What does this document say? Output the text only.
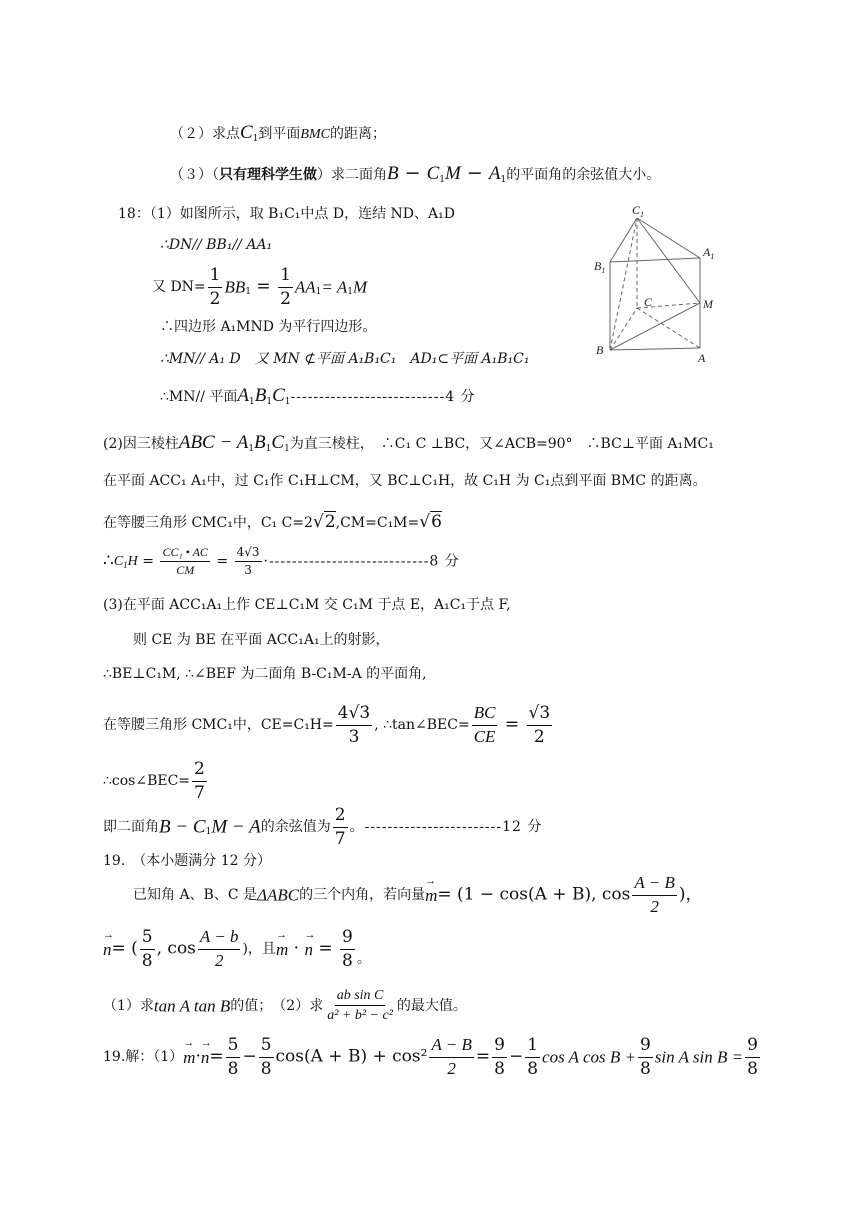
（２）求点$C_1$到平面BMC的距离；
（３）（只有理科学生做）求二面角$B - C_1M - A_1$的平面角的余弦值大小。
18：（1）如图所示，取 B₁C₁中点 D，连结 ND、A₁D
∴DN// BB₁// AA₁
又 $DN= \frac{1}{2} BB_1 = \frac{1}{2} AA_1= A_1M$
∴四边形 A₁MND 为平行四边形。
∴MN// A₁ D　又 MN ⊄平面 A₁B₁C₁　AD₁⊂平面 A₁B₁C₁
∴MN// 平面$A_1B_1C_1---------------------------4$ 分
(2)因三棱柱ABC − $A_1B_1C_1$为直三棱柱，　∴C₁ C ⊥BC，又∠ACB=90°　∴BC⊥平面 A₁MC₁
在平面 ACC₁ A₁中，过 C₁作 C₁H⊥CM，又 BC⊥C₁H，故 C₁H 为 C₁点到平面 BMC 的距离。
在等腰三角形 CMC₁中，C₁ C=2√2,CM=C₁M=√6
$\therefore C_1H = \frac{\text{CC₁ • AC}}{CM} = \frac{4√3}{3} \cdot----------------------------8$ 分
(3)在平面 ACC₁A₁上作 CE⊥C₁M 交 C₁M 于点 E，A₁C₁于点 F,
则 CE 为 BE 在平面 ACC₁A₁上的射影，
∴BE⊥C₁M, ∴∠BEF 为二面角 B-C₁M-A 的平面角,
在等腰三角形 CMC₁中，$CE=C_1H= \frac{4√3}{3}$ , ∴tan∠BEC= $\frac{BC}{CE} = \frac{√3}{2}$
∴cos∠BEC= $\frac{2}{7}$
即二面角$B - C_1M - A$的余弦值为 $\frac{2}{7}$ 。------------------------12 分
19.　（本小题满分 12 分）
已知角 A、B、C 是ΔABC的三个内角，若向量→ m= (1 − cos(A + B), $\cos \frac{A - B}{2}$ )，
→ n= ( $\frac{5}{8}$ , $\cos \frac{A - b}{2}$ )，且→ m · → $n = \frac{9}{8}$ 。
（1）求tan A tan B的值；　（2）求 $\frac{\text{ab sin C}}{\text{a² + b² − c²}}$ 的最大值。
19.解：$(1)\to m\cdot\to n= \frac{5}{8} - \frac{5}{8} \cos(A + B) + \cos^2 \frac{A - B}{2} = \frac{9}{8} - \frac{1}{8}$ cos A $\cos B + \frac{9}{8}$ sin A $\sin B = \frac{9}{8}$
$C_1$
$A_1$
$B_1$
C	M
B
A
